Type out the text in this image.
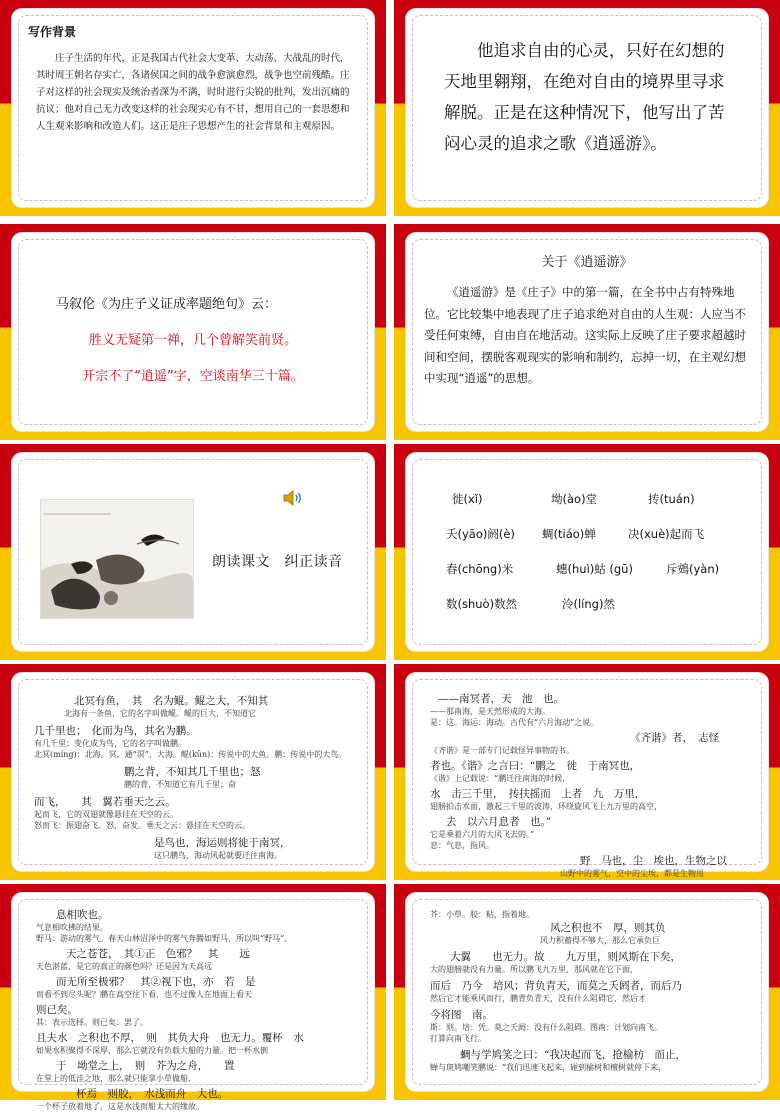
写作背景
庄子生活的年代，正是我国古代社会大变革、大动荡、大战乱的时代，其时周王朝名存实亡，各诸侯国之间的战争愈演愈烈，战争也空前残酷。庄子对这样的社会现实及统治者深为不满，时时进行尖锐的批判，发出沉痛的抗议；他对自己无力改变这样的社会现实心有不甘，想用自己的一套思想和人生观来影响和改造人们。这正是庄子思想产生的社会背景和主观原因。
他追求自由的心灵，只好在幻想的天地里翱翔，在绝对自由的境界里寻求解脱。正是在这种情况下，他写出了苦闷心灵的追求之歌《逍遥游》。
马叙伦《为庄子义证成率题绝句》云：
胜义无疑第一禅，几个曾解笑前贤。
开宗不了“逍遥”字，空谈南华三十篇。
关于《逍遥游》
《逍遥游》是《庄子》中的第一篇，在全书中占有特殊地位。它比较集中地表现了庄子追求绝对自由的人生观：人应当不受任何束缚，自由自在地活动。这实际上反映了庄子要求超越时间和空间，摆脱客观现实的影响和制约，忘掉一切，在主观幻想中实现“逍遥”的思想。
朗读课文　纠正读音
徙(xǐ)	坳(ào)堂	抟(tuán)
夭(yāo)阏(è) 蜩(tiáo)蝉	决(xuè)起而飞
舂(chōng)米	蟪(huì)蛄 (gū)	斥鴳(yàn)
数(shuò)数然	泠(líng)然
北冥有鱼，　其　名为鲲。鲲之大，不知其
北海有一条鱼，它的名字叫做鲲。鲲的巨大，不知道它
几千里也；　化而为鸟，其名为鹏。
有几千里；变化成为鸟，它的名字叫做鹏。
北冥(míng)：北海。冥，通“溟”，大海。鲲(kūn)：传说中的大鱼。鹏：传说中的大鸟。
鹏之背，不知其几千里也；怒
鹏的背，不知道它有几千里；奋
而飞，　　其　翼若垂天之云。
起而飞，它的双翅就像悬挂在天空的云。
怒而飞：振翅奋飞。怒，奋发。垂天之云：悬挂在天空的云。
是鸟也，海运则将徙于南冥，
这只鹏鸟，海动风起就要迁往南海。
——南冥者，天　池　也。
——那南海，是天然形成的大海。
是：这。海运：海动。古代有“六月海动”之说。
《齐谐》者，　志怪
《齐谐》是一部专门记载怪异事物的书。
者也。《谐》之言曰：“鹏之　徙　于南冥也，
《谐》上记载说：“鹏迁往南海的时候，
水　击三千里，　抟扶摇而　上者　九　万里，
翅膀拍击水面，激起三千里的波涛，环绕旋风飞上九万里的高空，
去　以六月息者　也。”
它是乘着六月的大风飞去的。”
息：气息，指风。
野　马也，尘　埃也，生物之以
山野中的雾气，空中的尘埃，都是生物用
息相吹也。
气息相吹拂的结果。
野马：游动的雾气。春天山林沼泽中的雾气奔腾如野马，所以叫“野马”。
天之苍苍，　其①正　色邪？　其　　远
天色湛蓝，是它的真正的颜色吗？还是因为天高远
而无所至极邪？　其②视下也，亦　若　是
而看不到尽头呢？鹏在高空往下看，也不过像人在地面上看天
则已矣。
其：表示选择。则已矣：罢了。
且夫水　之积也不厚，　则　其负大舟　也无力。覆杯　水
如果水积聚得不深厚，那么它就没有负载大船的力量。把一杯水倒
于　坳堂之上，　则　芥为之舟，　　置
在堂上的低洼之地，那么就只能拿小草做船，
杯焉　则胶，　水浅而舟　大也。
一个杯子放着地了，这是水浅而船太大的缘故。
芥：小草。胶：粘，指着地。
风之积也不　厚，则其负
风力积蓄得不够大，那么它承负巨
大翼　　也无力。故　　九万里，则风斯在下矣，
大的翅膀就没有力量。所以鹏飞九万里，那风就在它下面，
而后　乃今　培风；背负青天，而莫之夭阏者，而后乃
然后它才能乘风而行，鹏背负青天，没有什么阻碍它，然后才
今将图　南。
斯：则。培：凭。莫之夭阏：没有什么阻碍。图南：计划向南飞。
打算向南飞行。
蜩与学鸠笑之曰：“我决起而飞，抢榆枋　而止，
蝉与斑鸠嘲笑鹏说：“我们迅速飞起来，碰到榆树和檀树就停下来，
